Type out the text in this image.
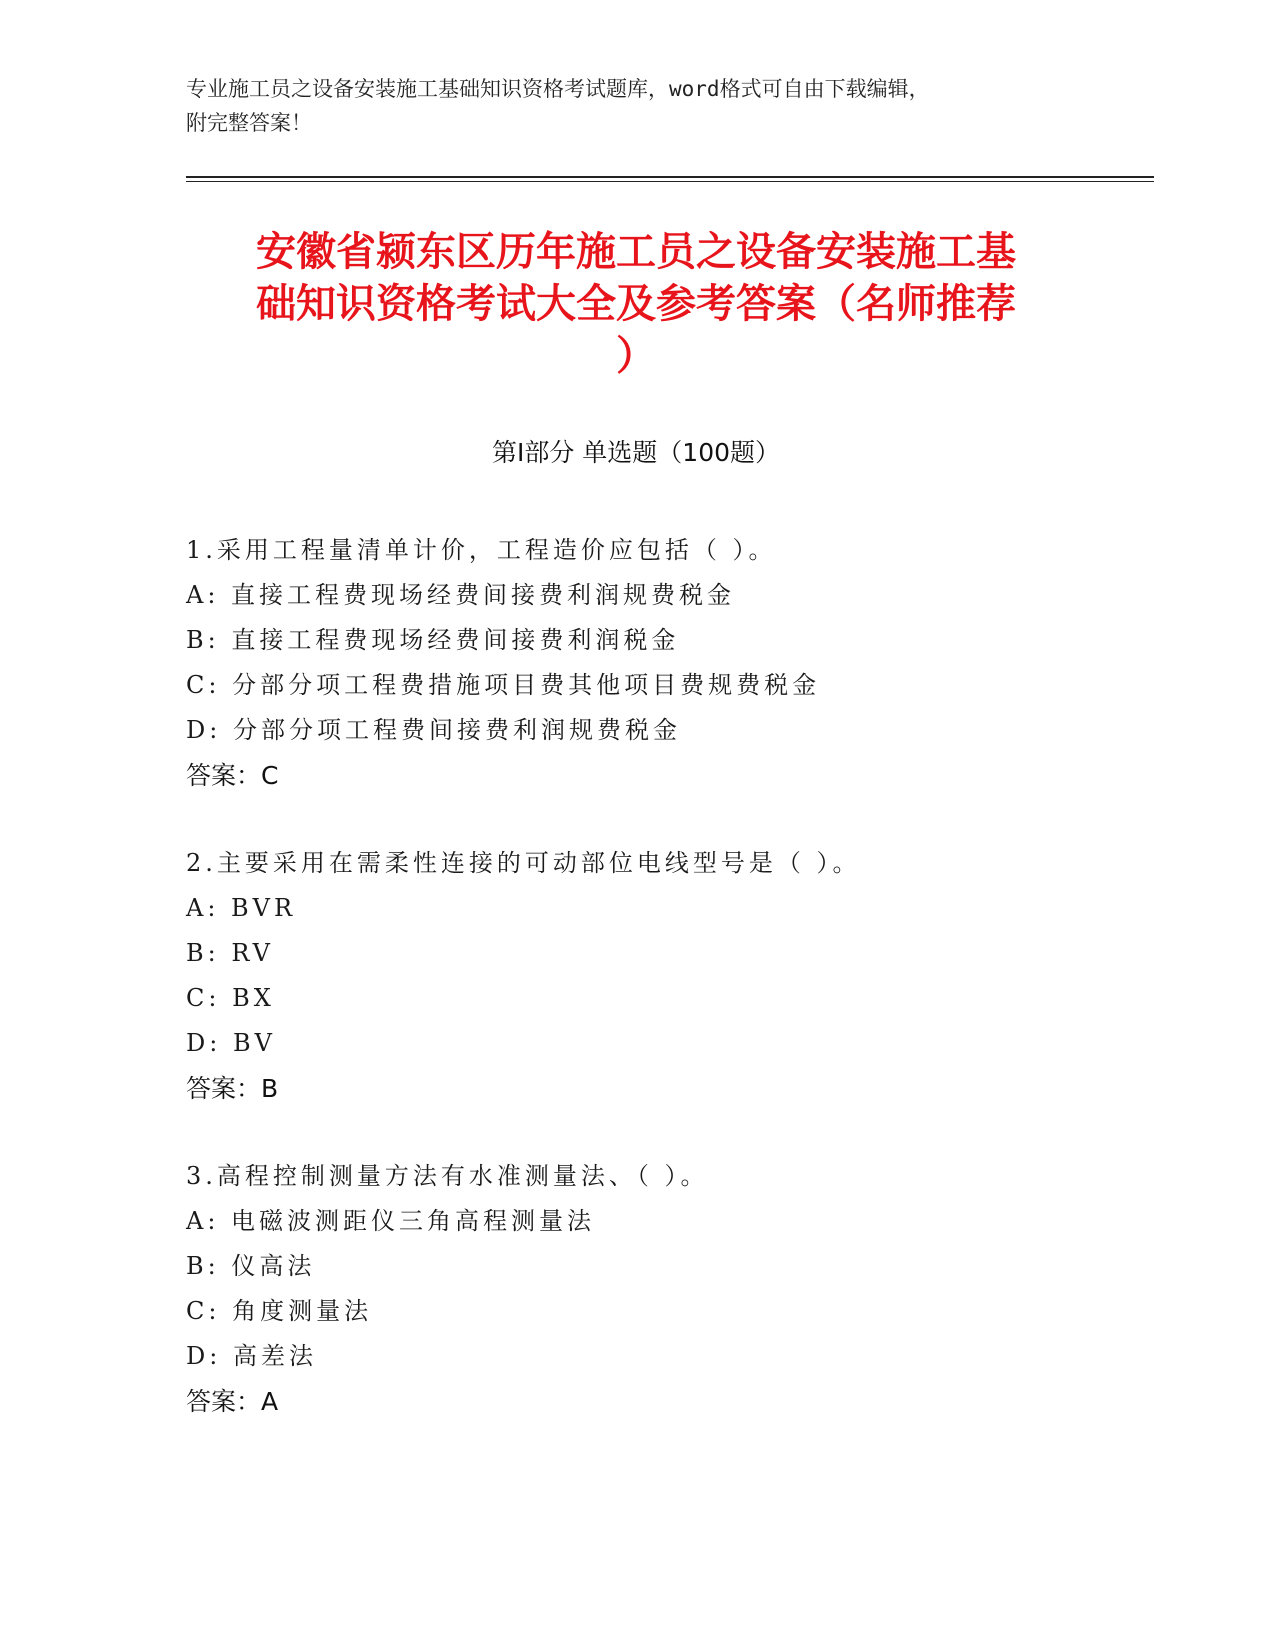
专业施工员之设备安装施工基础知识资格考试题库，word格式可自由下载编辑，
附完整答案！
安徽省颍东区历年施工员之设备安装施工基
础知识资格考试大全及参考答案（名师推荐
）
第Ⅰ部分 单选题（100题）
1.采用工程量清单计价，工程造价应包括（ ）。
A: 直接工程费现场经费间接费利润规费税金
B: 直接工程费现场经费间接费利润税金
C: 分部分项工程费措施项目费其他项目费规费税金
D: 分部分项工程费间接费利润规费税金
答案：C
2.主要采用在需柔性连接的可动部位电线型号是（ ）。
A: BVR
B: RV
C: BX
D: BV
答案：B
3.高程控制测量方法有水准测量法、（ ）。
A: 电磁波测距仪三角高程测量法
B: 仪高法
C: 角度测量法
D: 高差法
答案：A
